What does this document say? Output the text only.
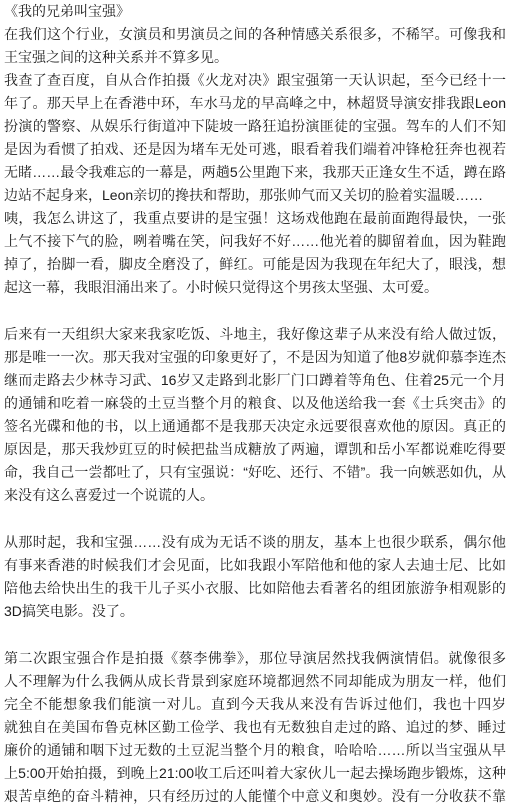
《我的兄弟叫宝强》
在我们这个行业，女演员和男演员之间的各种情感关系很多，不稀罕。可像我和
王宝强之间的这种关系并不算多见。
我查了查百度，自从合作拍摄《火龙对决》跟宝强第一天认识起，至今已经十一
年了。那天早上在香港中环，车水马龙的早高峰之中，林超贤导演安排我跟Leon
扮演的警察、从娱乐行街道冲下陡坡一路狂追扮演匪徒的宝强。驾车的人们不知
是因为看惯了拍戏、还是因为堵车无处可逃，眼看着我们端着冲锋枪狂奔也视若
无睹……最令我难忘的一幕是，两趟5公里跑下来，我那天正逢女生不适，蹲在路
边站不起身来，Leon亲切的搀扶和帮助，那张帅气而又关切的脸着实温暖……
咦，我怎么讲这了，我重点要讲的是宝强！这场戏他跑在最前面跑得最快，一张
上气不接下气的脸，咧着嘴在笑，问我好不好……他光着的脚留着血，因为鞋跑
掉了，抬脚一看，脚皮全磨没了，鲜红。可能是因为我现在年纪大了，眼浅，想
起这一幕，我眼泪涌出来了。小时候只觉得这个男孩太坚强、太可爱。
后来有一天组织大家来我家吃饭、斗地主，我好像这辈子从来没有给人做过饭，
那是唯一一次。那天我对宝强的印象更好了，不是因为知道了他8岁就仰慕李连杰
继而走路去少林寺习武、16岁又走路到北影厂门口蹲着等角色、住着25元一个月
的通铺和吃着一麻袋的土豆当整个月的粮食、以及他送给我一套《士兵突击》的
签名光碟和他的书，以上通通都不是我那天决定永远要很喜欢他的原因。真正的
原因是，那天我炒豇豆的时候把盐当成糖放了两遍，谭凯和岳小军都说难吃得要
命，我自己一尝都吐了，只有宝强说：“好吃、还行、不错”。我一向嫉恶如仇，从
来没有这么喜爱过一个说谎的人。
从那时起，我和宝强……没有成为无话不谈的朋友，基本上也很少联系，偶尔他
有事来香港的时候我们才会见面，比如我跟小军陪他和他的家人去迪士尼、比如
陪他去给快出生的我干儿子买小衣服、比如陪他去看著名的组团旅游争相观影的
3D搞笑电影。没了。
第二次跟宝强合作是拍摄《蔡李佛拳》，那位导演居然找我俩演情侣。就像很多
人不理解为什么我俩从成长背景到家庭环境都迥然不同却能成为朋友一样，他们
完全不能想象我们能演一对儿。直到今天我从来没有告诉过他们，我也十四岁
就独自在美国布鲁克林区勤工俭学、我也有无数独自走过的路、追过的梦、睡过
廉价的通铺和咽下过无数的土豆泥当整个月的粮食，哈哈哈……所以当宝强从早
上5:00开始拍摄，到晚上21:00收工后还叫着大家伙儿一起去操场跑步锻炼，这种
艰苦卓绝的奋斗精神，只有经历过的人能懂个中意义和奥妙。没有一分收获不靠
